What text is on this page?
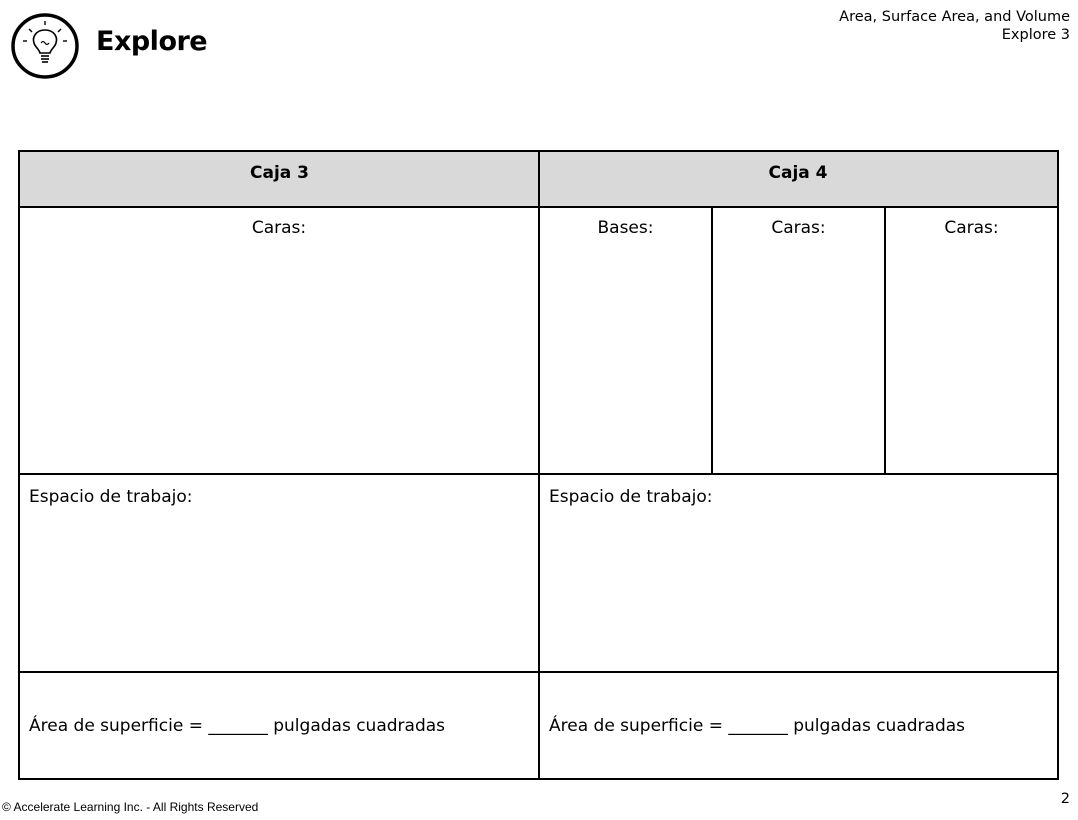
Explore
Area, Surface Area, and Volume
Explore 3
Caja 3	Caja 4
Caras:	Bases:	Caras:	Caras:
Espacio de trabajo:	Espacio de trabajo:
Área de superficie = _______ pulgadas cuadradas	Área de superficie = _______ pulgadas cuadradas
© Accelerate Learning Inc. - All Rights Reserved	2
